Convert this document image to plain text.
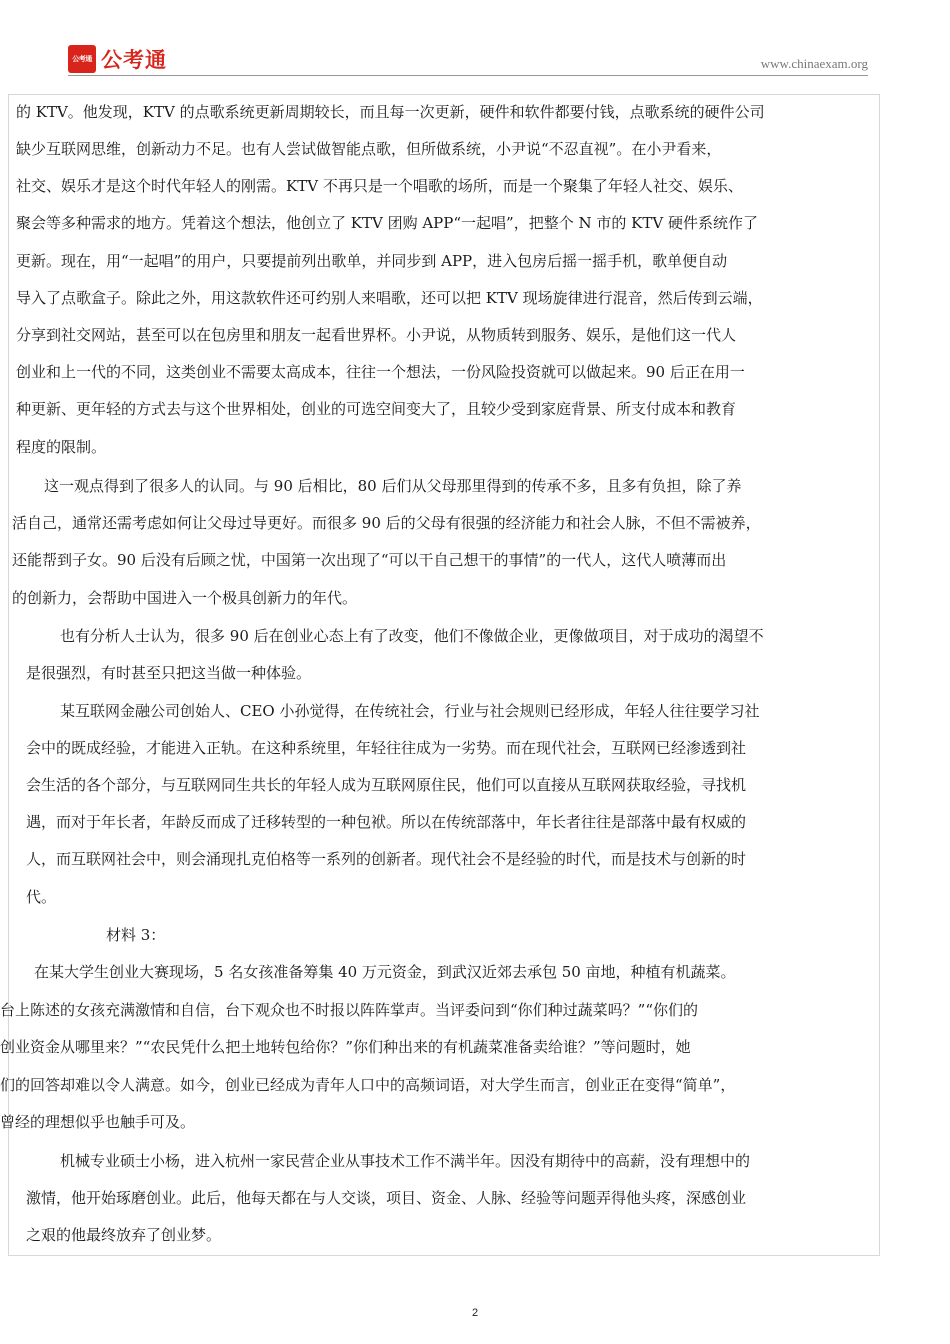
公考通 公考通	www.chinaexam.org
的 KTV。他发现，KTV 的点歌系统更新周期较长，而且每一次更新，硬件和软件都要付钱，点歌系统的硬件公司
缺少互联网思维，创新动力不足。也有人尝试做智能点歌，但所做系统，小尹说“不忍直视”。在小尹看来，
社交、娱乐才是这个时代年轻人的刚需。KTV 不再只是一个唱歌的场所，而是一个聚集了年轻人社交、娱乐、
聚会等多种需求的地方。凭着这个想法，他创立了 KTV 团购 APP“一起唱”，把整个 N 市的 KTV 硬件系统作了
更新。现在，用“一起唱”的用户，只要提前列出歌单，并同步到 APP，进入包房后摇一摇手机，歌单便自动
导入了点歌盒子。除此之外，用这款软件还可约别人来唱歌，还可以把 KTV 现场旋律进行混音，然后传到云端，
分享到社交网站，甚至可以在包房里和朋友一起看世界杯。小尹说，从物质转到服务、娱乐，是他们这一代人
创业和上一代的不同，这类创业不需要太高成本，往往一个想法，一份风险投资就可以做起来。90 后正在用一
种更新、更年轻的方式去与这个世界相处，创业的可选空间变大了，且较少受到家庭背景、所支付成本和教育
程度的限制。
这一观点得到了很多人的认同。与 90 后相比，80 后们从父母那里得到的传承不多，且多有负担，除了养
活自己，通常还需考虑如何让父母过导更好。而很多 90 后的父母有很强的经济能力和社会人脉，不但不需被养，
还能帮到子女。90 后没有后顾之忧，中国第一次出现了“可以干自己想干的事情”的一代人，这代人喷薄而出
的创新力，会帮助中国进入一个极具创新力的年代。
也有分析人士认为，很多 90 后在创业心态上有了改变，他们不像做企业，更像做项目，对于成功的渴望不
是很强烈，有时甚至只把这当做一种体验。
某互联网金融公司创始人、CEO 小孙觉得，在传统社会，行业与社会规则已经形成，年轻人往往要学习社
会中的既成经验，才能进入正轨。在这种系统里，年轻往往成为一劣势。而在现代社会，互联网已经渗透到社
会生活的各个部分，与互联网同生共长的年轻人成为互联网原住民，他们可以直接从互联网获取经验，寻找机
遇，而对于年长者，年龄反而成了迁移转型的一种包袱。所以在传统部落中，年长者往往是部落中最有权威的
人，而互联网社会中，则会涌现扎克伯格等一系列的创新者。现代社会不是经验的时代，而是技术与创新的时
代。
材料 3：
在某大学生创业大赛现场，5 名女孩准备筹集 40 万元资金，到武汉近郊去承包 50 亩地，种植有机蔬菜。
台上陈述的女孩充满激情和自信，台下观众也不时报以阵阵掌声。当评委问到“你们种过蔬菜吗？”“你们的
创业资金从哪里来？”“农民凭什么把土地转包给你？”你们种出来的有机蔬菜准备卖给谁？”等问题时，她
们的回答却难以令人满意。如今，创业已经成为青年人口中的高频词语，对大学生而言，创业正在变得“简单”，
曾经的理想似乎也触手可及。
机械专业硕士小杨，进入杭州一家民营企业从事技术工作不满半年。因没有期待中的高薪，没有理想中的
激情，他开始琢磨创业。此后，他每天都在与人交谈，项目、资金、人脉、经验等问题弄得他头疼，深感创业
之艰的他最终放弃了创业梦。
2
